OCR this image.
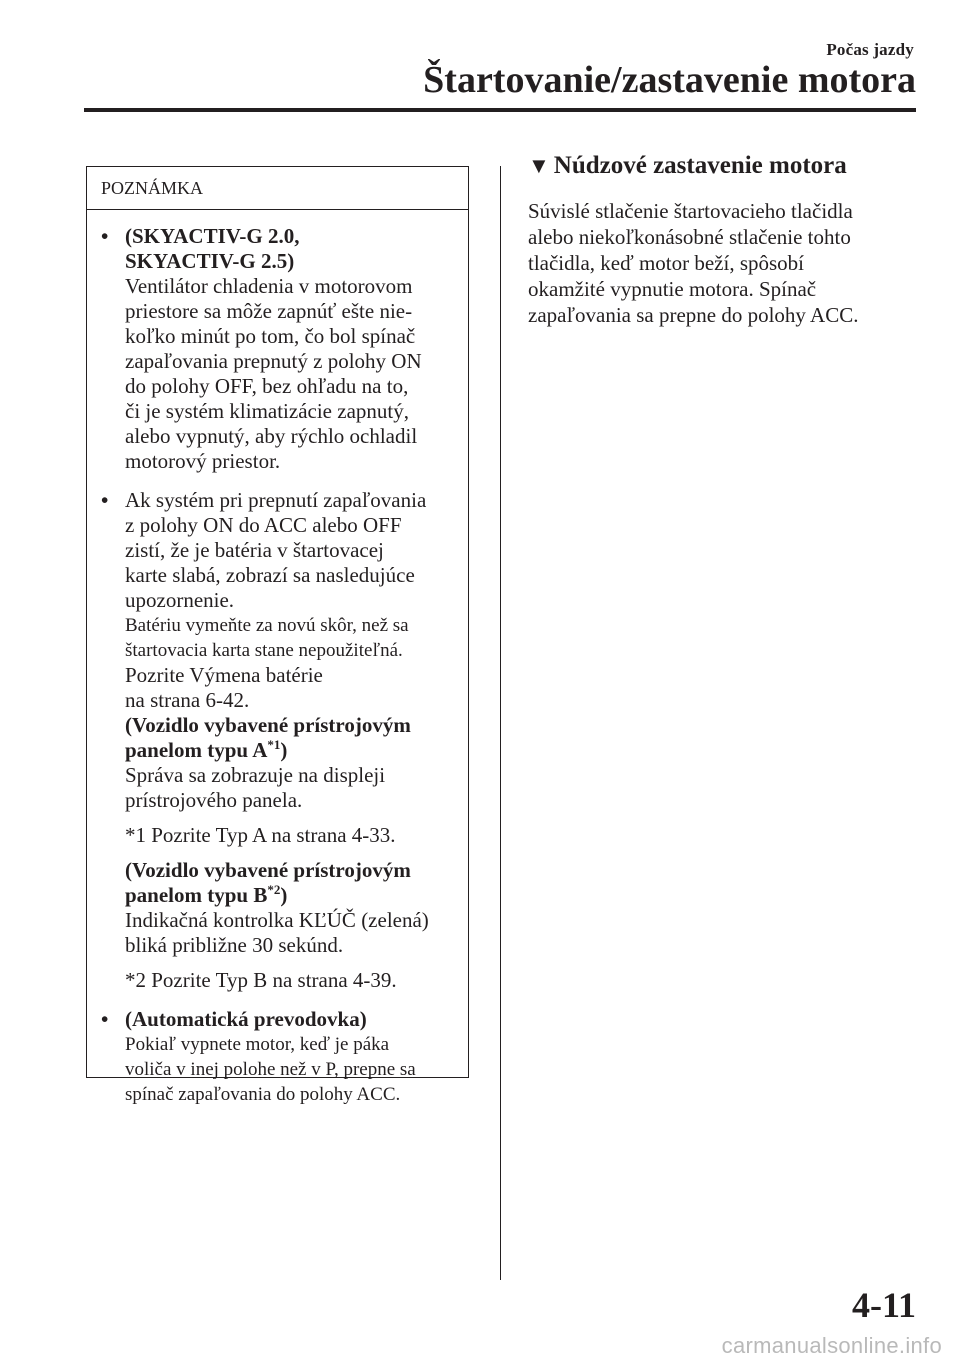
Počas jazdy
Štartovanie/zastavenie motora
POZNÁMKA
• (SKYACTIV-G 2.0,

SKYACTIV-G 2.5)

Ventilátor chladenia v motorovom

priestore sa môže zapnúť ešte nie-

koľko minút po tom, čo bol spínač

zapaľovania prepnutý z polohy ON

do polohy OFF, bez ohľadu na to,

či je systém klimatizácie zapnutý,

alebo vypnutý, aby rýchlo ochladil

motorový priestor.

• Ak systém pri prepnutí zapaľovania

z polohy ON do ACC alebo OFF

zistí, že je batéria v štartovacej

karte slabá, zobrazí sa nasledujúce

upozornenie.

Batériu vymeňte za novú skôr, než sa

štartovacia karta stane nepoužiteľná.

Pozrite Výmena batérie

na strana 6-42.

(Vozidlo vybavené prístrojovým

panelom typu $A^{*1}$)

Správa sa zobrazuje na displeji

prístrojového panela.

*1 Pozrite Typ A na strana 4-33.

(Vozidlo vybavené prístrojovým

panelom typu $B^{*2}$)

Indikačná kontrolka KĽÚČ (zelená)

bliká približne 30 sekúnd.

*2 Pozrite Typ B na strana 4-39.

• (Automatická prevodovka)

Pokiaľ vypnete motor, keď je páka

voliča v inej polohe než v P, prepne sa

spínač zapaľovania do polohy ACC.

▼ Núdzové zastavenie motora

Súvislé stlačenie štartovacieho tlačidla

alebo niekoľkonásobné stlačenie tohto

tlačidla, keď motor beží, spôsobí

okamžité vypnutie motora. Spínač

zapaľovania sa prepne do polohy ACC.

4-11
carmanualsonline.info
